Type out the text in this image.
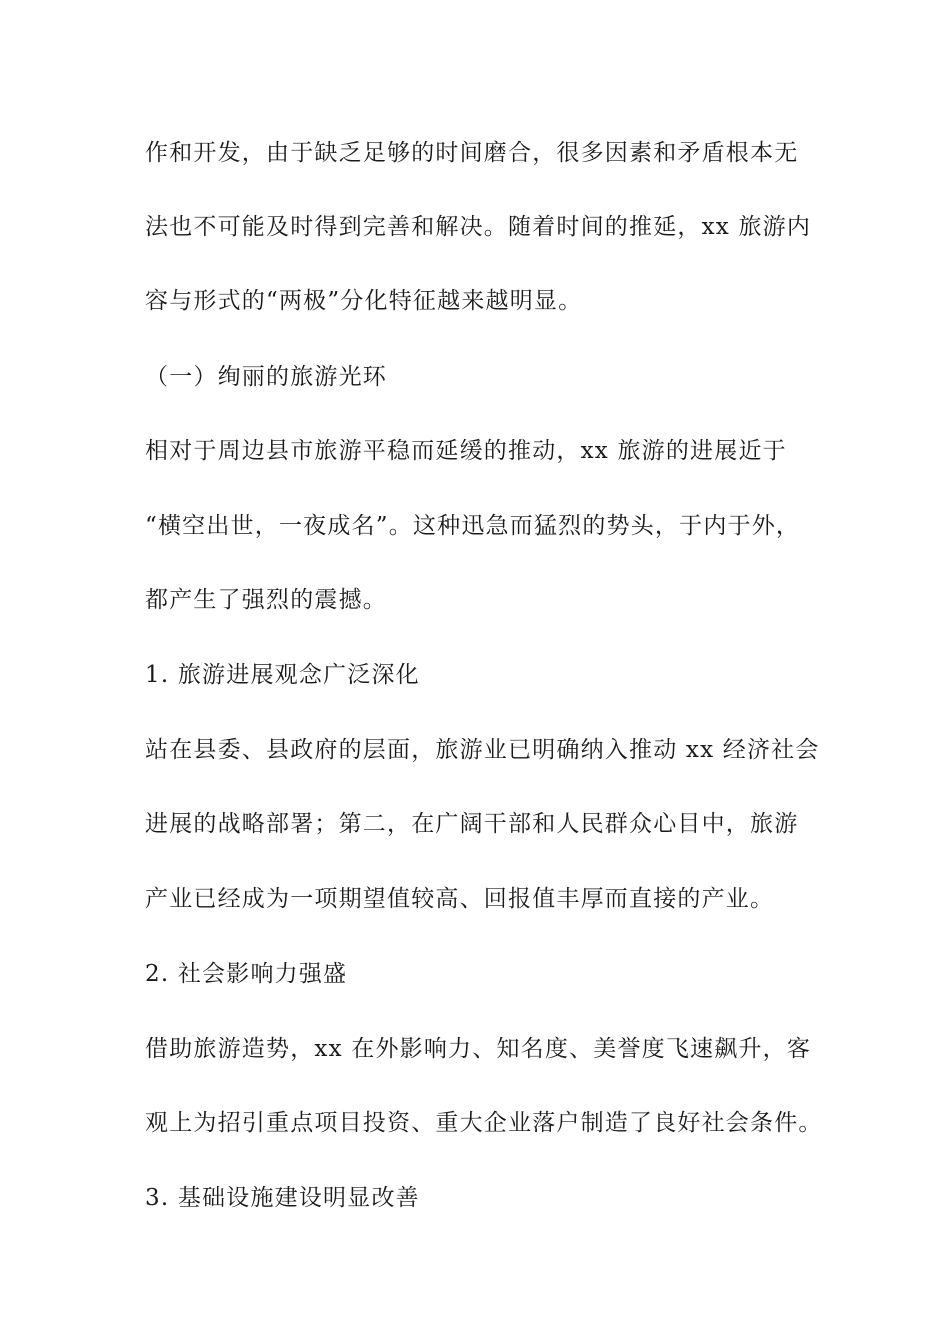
作和开发，由于缺乏足够的时间磨合，很多因素和矛盾根本无
法也不可能及时得到完善和解决。随着时间的推延，xx 旅游内
容与形式的“两极”分化特征越来越明显。
（一）绚丽的旅游光环
相对于周边县市旅游平稳而延缓的推动，xx 旅游的进展近于
“横空出世，一夜成名”。这种迅急而猛烈的势头，于内于外，
都产生了强烈的震撼。
1. 旅游进展观念广泛深化
站在县委、县政府的层面，旅游业已明确纳入推动 xx 经济社会
进展的战略部署；第二，在广阔干部和人民群众心目中，旅游
产业已经成为一项期望值较高、回报值丰厚而直接的产业。
2. 社会影响力强盛
借助旅游造势，xx 在外影响力、知名度、美誉度飞速飙升，客
观上为招引重点项目投资、重大企业落户制造了良好社会条件。
3. 基础设施建设明显改善
